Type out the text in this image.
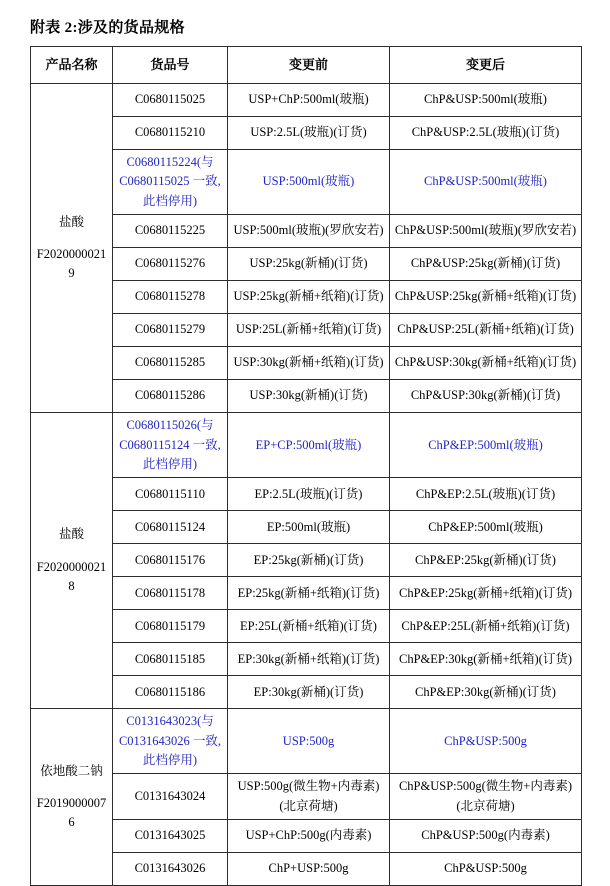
附表 2:涉及的货品规格
产品名称	货品号	变更前	变更后

盐酸
F20200000219	C0680115025	USP+ChP:500ml(玻瓶)	ChP&USP:500ml(玻瓶)
	C0680115210	USP:2.5L(玻瓶)(订货)	ChP&USP:2.5L(玻瓶)(订货)
	C0680115224(与 C0680115025 一致,此档停用)	USP:500ml(玻瓶)	ChP&USP:500ml(玻瓶)
	C0680115225	USP:500ml(玻瓶)(罗欣安若)	ChP&USP:500ml(玻瓶)(罗欣安若)
	C0680115276	USP:25kg(新桶)(订货)	ChP&USP:25kg(新桶)(订货)
	C0680115278	USP:25kg(新桶+纸箱)(订货)	ChP&USP:25kg(新桶+纸箱)(订货)
	C0680115279	USP:25L(新桶+纸箱)(订货)	ChP&USP:25L(新桶+纸箱)(订货)
	C0680115285	USP:30kg(新桶+纸箱)(订货)	ChP&USP:30kg(新桶+纸箱)(订货)
	C0680115286	USP:30kg(新桶)(订货)	ChP&USP:30kg(新桶)(订货)

盐酸
F20200000218	C0680115026(与 C0680115124 一致,此档停用)	EP+CP:500ml(玻瓶)	ChP&EP:500ml(玻瓶)
	C0680115110	EP:2.5L(玻瓶)(订货)	ChP&EP:2.5L(玻瓶)(订货)
	C0680115124	EP:500ml(玻瓶)	ChP&EP:500ml(玻瓶)
	C0680115176	EP:25kg(新桶)(订货)	ChP&EP:25kg(新桶)(订货)
	C0680115178	EP:25kg(新桶+纸箱)(订货)	ChP&EP:25kg(新桶+纸箱)(订货)
	C0680115179	EP:25L(新桶+纸箱)(订货)	ChP&EP:25L(新桶+纸箱)(订货)
	C0680115185	EP:30kg(新桶+纸箱)(订货)	ChP&EP:30kg(新桶+纸箱)(订货)
	C0680115186	EP:30kg(新桶)(订货)	ChP&EP:30kg(新桶)(订货)

依地酸二钠
F20190000076	C0131643023(与 C0131643026 一致,此档停用)	USP:500g	ChP&USP:500g
	C0131643024	USP:500g(微生物+内毒素)(北京荷塘)	ChP&USP:500g(微生物+内毒素)(北京荷塘)
	C0131643025	USP+ChP:500g(内毒素)	ChP&USP:500g(内毒素)
	C0131643026	ChP+USP:500g	ChP&USP:500g
